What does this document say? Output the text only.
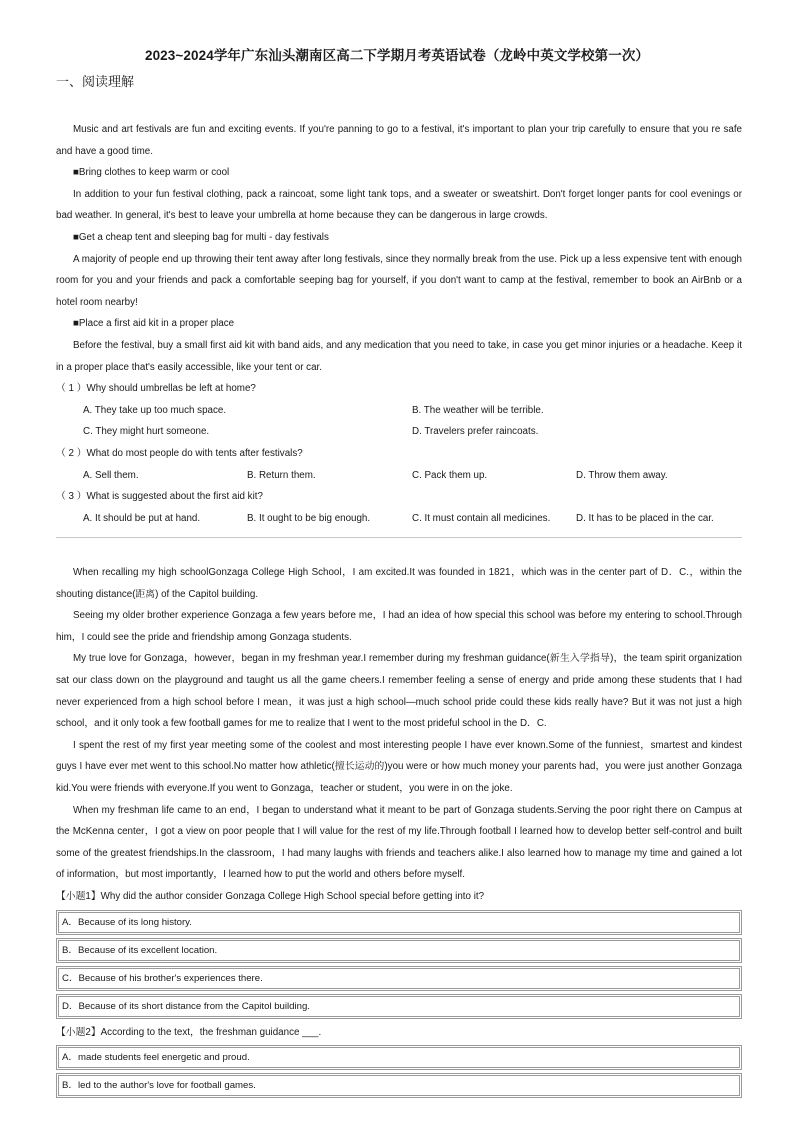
2023~2024学年广东汕头潮南区高二下学期月考英语试卷（龙岭中英文学校第一次）
一、阅读理解

Music and art festivals are fun and exciting events. If you're panning to go to a festival, it's important to plan your trip carefully to ensure that you re safe and have a good time.

■Bring clothes to keep warm or cool

In addition to your fun festival clothing, pack a raincoat, some light tank tops, and a sweater or sweatshirt. Don't forget longer pants for cool evenings or bad weather. In general, it's best to leave your umbrella at home because they can be dangerous in large crowds.

■Get a cheap tent and sleeping bag for multi - day festivals

A majority of people end up throwing their tent away after long festivals, since they normally break from the use. Pick up a less expensive tent with enough room for you and your friends and pack a comfortable seeping bag for yourself, if you don't want to camp at the festival, remember to book an AirBnb or a hotel room nearby!

■Place a first aid kit in a proper place

Before the festival, buy a small first aid kit with band aids, and any medication that you need to take, in case you get minor injuries or a headache. Keep it in a proper place that's easily accessible, like your tent or car.

（ 1 ）Why should umbrellas be left at home?

A. They take up too much space.	B. The weather will be terrible.
C. They might hurt someone.	D. Travelers prefer raincoats.

（ 2 ）What do most people do with tents after festivals?

A. Sell them.	B. Return them.	C. Pack them up.	D. Throw them away.

（ 3 ）What is suggested about the first aid kit?

A. It should be put at hand.	B. It ought to be big enough.	C. It must contain all medicines.	D. It has to be placed in the car.

When recalling my high schoolGonzaga College High School，I am excited.It was founded in 1821，which was in the center part of D．C.，within the shouting distance(距离) of the Capitol building.

Seeing my older brother experience Gonzaga a few years before me，I had an idea of how special this school was before my entering to school.Through him，I could see the pride and friendship among Gonzaga students.

My true love for Gonzaga，however，began in my freshman year.I remember during my freshman guidance(新生入学指导)，the team spirit organization sat our class down on the playground and taught us all the game cheers.I remember feeling a sense of energy and pride among these students that I had never experienced from a high school before I mean，it was just a high school—much school pride could these kids really have? But it was not just a high school，and it only took a few football games for me to realize that I went to the most prideful school in the D．C.

I spent the rest of my first year meeting some of the coolest and most interesting people I have ever known.Some of the funniest，smartest and kindest guys I have ever met went to this school.No matter how athletic(擅长运动的)you were or how much money your parents had，you were just another Gonzaga kid.You were friends with everyone.If you went to Gonzaga，teacher or student，you were in on the joke.

When my freshman life came to an end，I began to understand what it meant to be part of Gonzaga students.Serving the poor right there on Campus at the McKenna center，I got a view on poor people that I will value for the rest of my life.Through football I learned how to develop better self-control and built some of the greatest friendships.In the classroom，I had many laughs with friends and teachers alike.I also learned how to manage my time and gained a lot of information，but most importantly，I learned how to put the world and others before myself.

【小题1】Why did the author consider Gonzaga College High School special before getting into it?

A．Because of its long history.
B．Because of its excellent location.
C．Because of his brother's experiences there.
D．Because of its short distance from the Capitol building.

【小题2】According to the text，the freshman guidance ___.

A．made students feel energetic and proud.
B．led to the author's love for football games.
